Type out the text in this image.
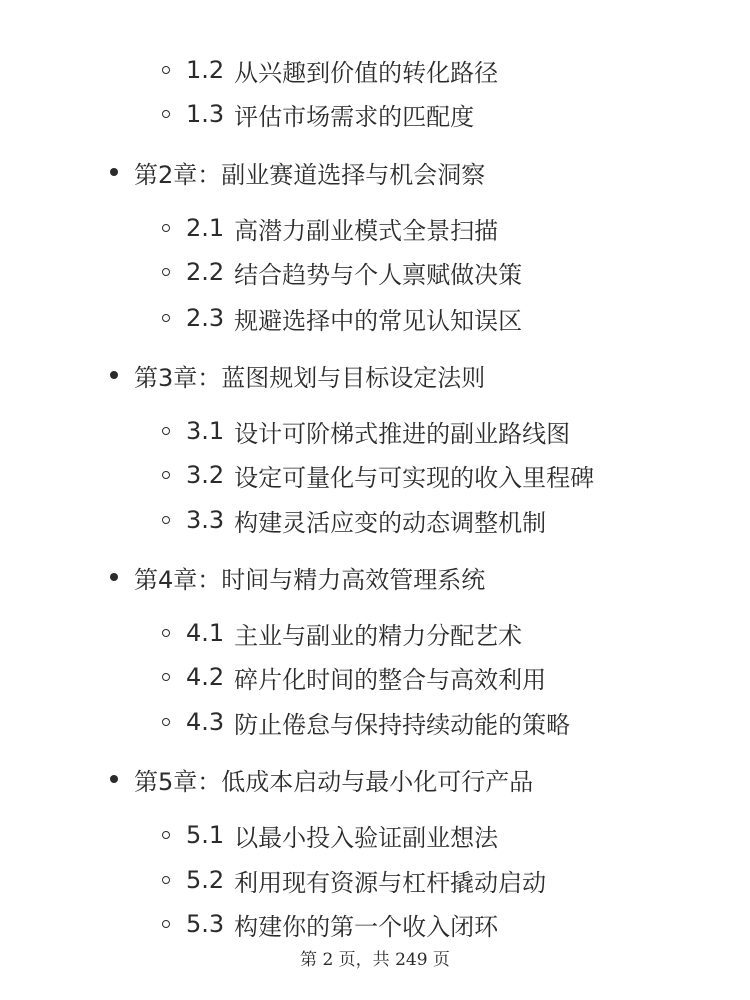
1.2 从兴趣到价值的转化路径
1.3 评估市场需求的匹配度
第2章 ： 副业赛道选择与机会洞察
2.1 高潜力副业模式全景扫描
2.2 结合趋势与个人禀赋做决策
2.3 规避选择中的常见认知误区
第3章 ： 蓝图规划与目标设定法则
3.1 设计可阶梯式推进的副业路线图
3.2 设定可量化与可实现的收入里程碑
3.3 构建灵活应变的动态调整机制
第4章 ： 时间与精力高效管理系统
4.1 主业与副业的精力分配艺术
4.2 碎片化时间的整合与高效利用
4.3 防止倦怠与保持持续动能的策略
第5章 ： 低成本启动与最小化可行产品
5.1 以最小投入验证副业想法
5.2 利用现有资源与杠杆撬动启动
5.3 构建你的第一个收入闭环
第 2 页，共 249 页
